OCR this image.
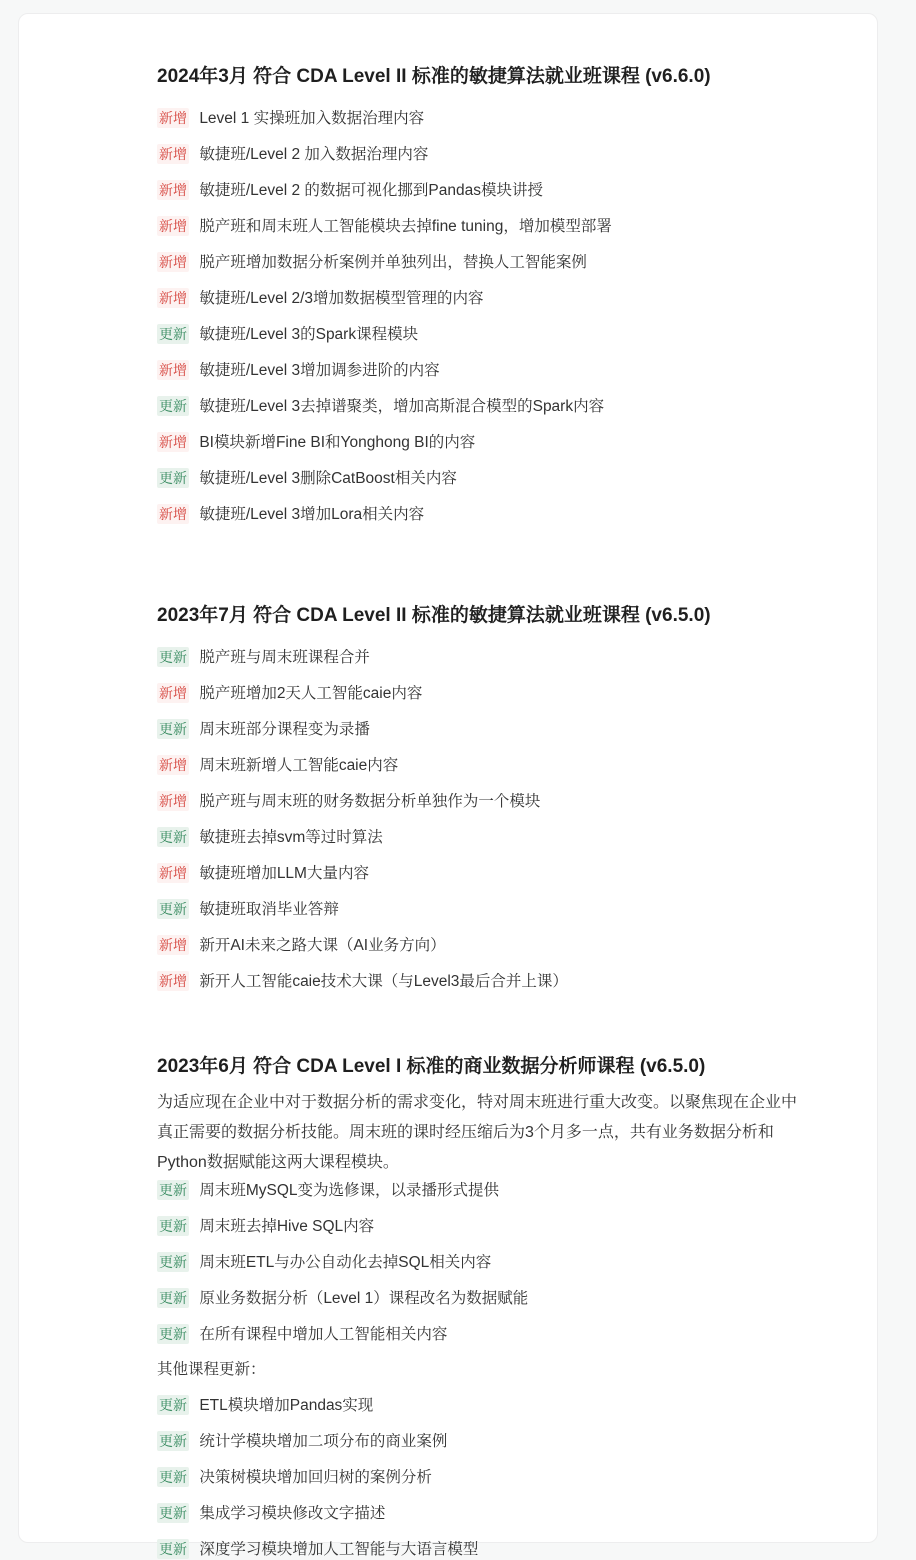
2024年3月 符合 CDA Level II 标准的敏捷算法就业班课程 (v6.6.0)
新增 Level 1 实操班加入数据治理内容
新增 敏捷班/Level 2 加入数据治理内容
新增 敏捷班/Level 2 的数据可视化挪到Pandas模块讲授
新增 脱产班和周末班人工智能模块去掉fine tuning，增加模型部署
新增 脱产班增加数据分析案例并单独列出，替换人工智能案例
新增 敏捷班/Level 2/3增加数据模型管理的内容
更新 敏捷班/Level 3的Spark课程模块
新增 敏捷班/Level 3增加调参进阶的内容
更新 敏捷班/Level 3去掉谱聚类，增加高斯混合模型的Spark内容
新增 BI模块新增Fine BI和Yonghong BI的内容
更新 敏捷班/Level 3删除CatBoost相关内容
新增 敏捷班/Level 3增加Lora相关内容
2023年7月 符合 CDA Level II 标准的敏捷算法就业班课程 (v6.5.0)
更新 脱产班与周末班课程合并
新增 脱产班增加2天人工智能caie内容
更新 周末班部分课程变为录播
新增 周末班新增人工智能caie内容
新增 脱产班与周末班的财务数据分析单独作为一个模块
更新 敏捷班去掉svm等过时算法
新增 敏捷班增加LLM大量内容
更新 敏捷班取消毕业答辩
新增 新开AI未来之路大课（AI业务方向）
新增 新开人工智能caie技术大课（与Level3最后合并上课）
2023年6月 符合 CDA Level I 标准的商业数据分析师课程 (v6.5.0)

为适应现在企业中对于数据分析的需求变化，特对周末班进行重大改变。以聚焦现在企业中真正需要的数据分析技能。周末班的课时经压缩后为3个月多一点，共有业务数据分析和Python数据赋能这两大课程模块。

更新 周末班MySQL变为选修课，以录播形式提供
更新 周末班去掉Hive SQL内容
更新 周末班ETL与办公自动化去掉SQL相关内容
更新 原业务数据分析（Level 1）课程改名为数据赋能
更新 在所有课程中增加人工智能相关内容
其他课程更新：
更新 ETL模块增加Pandas实现
更新 统计学模块增加二项分布的商业案例
更新 决策树模块增加回归树的案例分析
更新 集成学习模块修改文字描述
更新 深度学习模块增加人工智能与大语言模型
